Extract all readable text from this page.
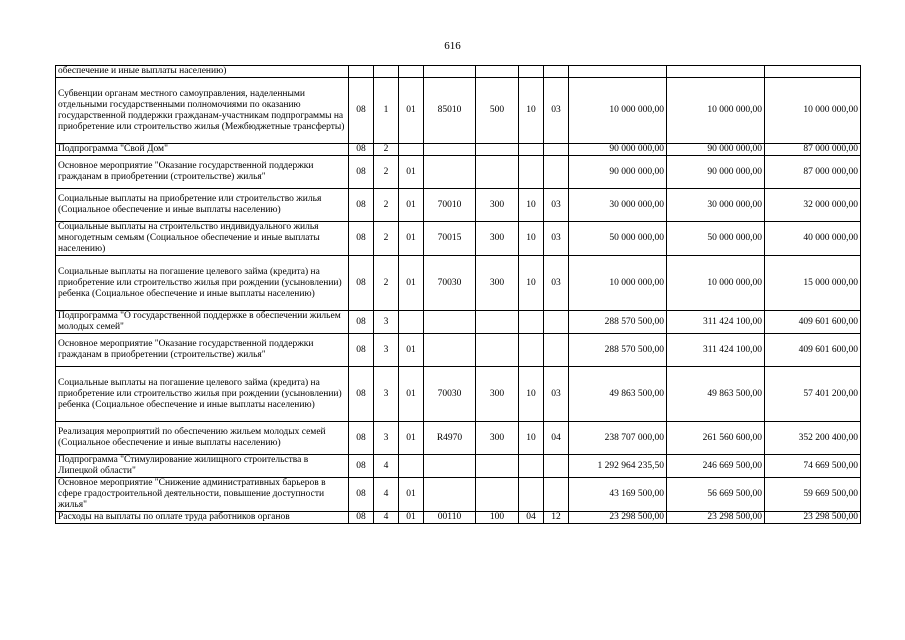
616
обеспечение и иные выплаты населению)										
Субвенции органам местного самоуправления, наделенными отдельными государственными полномочиями по оказанию государственной поддержки гражданам-участникам подпрограммы на приобретение или строительство жилья (Межбюджетные трансферты)	08	1	01	85010	500	10	03	10 000 000,00	10 000 000,00	10 000 000,00
Подпрограмма "Свой Дом"	08	2						90 000 000,00	90 000 000,00	87 000 000,00
Основное мероприятие "Оказание государственной поддержки гражданам в приобретении (строительстве) жилья"	08	2	01					90 000 000,00	90 000 000,00	87 000 000,00
Социальные выплаты на приобретение или строительство жилья (Социальное обеспечение и иные выплаты населению)	08	2	01	70010	300	10	03	30 000 000,00	30 000 000,00	32 000 000,00
Социальные выплаты на строительство индивидуального жилья многодетным семьям (Социальное обеспечение и иные выплаты населению)	08	2	01	70015	300	10	03	50 000 000,00	50 000 000,00	40 000 000,00
Социальные выплаты на погашение целевого займа (кредита) на приобретение или строительство жилья при рождении (усыновлении) ребенка (Социальное обеспечение и иные выплаты населению)	08	2	01	70030	300	10	03	10 000 000,00	10 000 000,00	15 000 000,00
Подпрограмма "О государственной поддержке в обеспечении жильем молодых семей"	08	3						288 570 500,00	311 424 100,00	409 601 600,00
Основное мероприятие "Оказание государственной поддержки гражданам в приобретении (строительстве) жилья"	08	3	01					288 570 500,00	311 424 100,00	409 601 600,00
Социальные выплаты на погашение целевого займа (кредита) на приобретение или строительство жилья при рождении (усыновлении) ребенка (Социальное обеспечение и иные выплаты населению)	08	3	01	70030	300	10	03	49 863 500,00	49 863 500,00	57 401 200,00
Реализация мероприятий по обеспечению жильем молодых семей (Социальное обеспечение и иные выплаты населению)	08	3	01	R4970	300	10	04	238 707 000,00	261 560 600,00	352 200 400,00
Подпрограмма "Стимулирование жилищного строительства в Липецкой области"	08	4						1 292 964 235,50	246 669 500,00	74 669 500,00
Основное мероприятие "Снижение административных барьеров в сфере градостроительной деятельности, повышение доступности жилья"	08	4	01					43 169 500,00	56 669 500,00	59 669 500,00
Расходы на выплаты по оплате труда работников органов	08	4	01	00110	100	04	12	23 298 500,00	23 298 500,00	23 298 500,00
